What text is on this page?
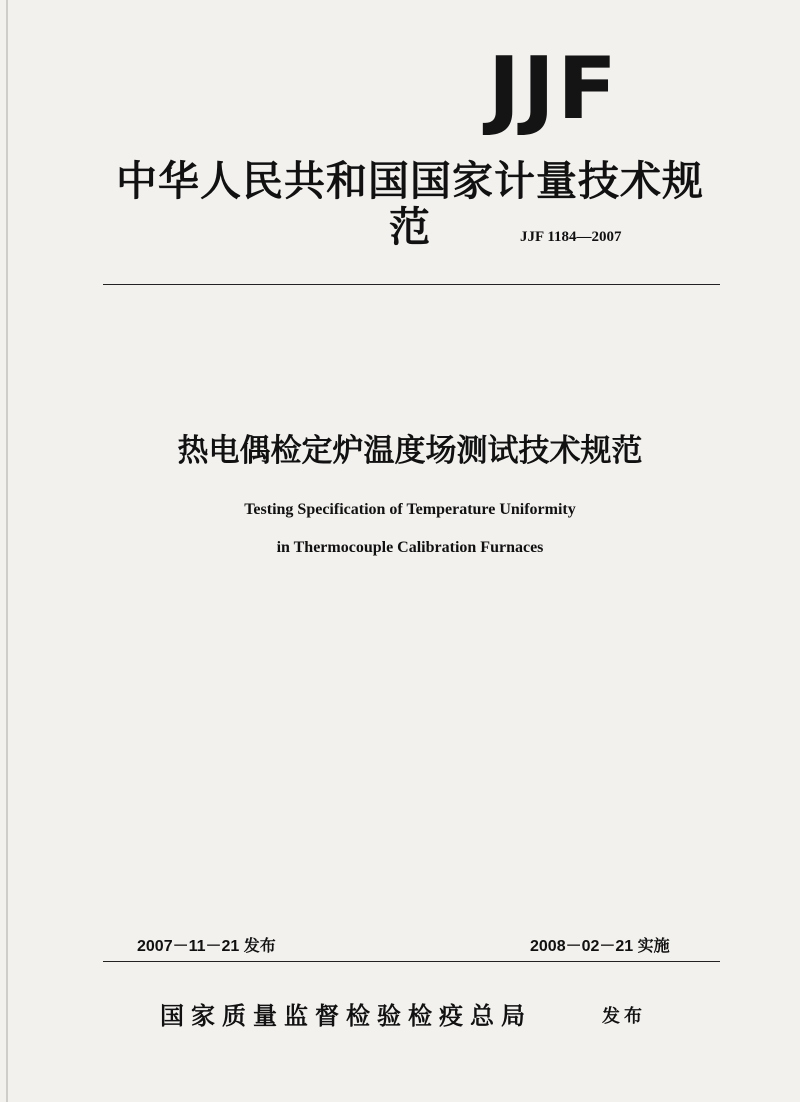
JJF
中华人民共和国国家计量技术规范	JJF 1184—2007
热电偶检定炉温度场测试技术规范
Testing Specification of Temperature Uniformity
in Thermocouple Calibration Furnaces
2007－11－21 发布	2008－02－21 实施
国家质量监督检验检疫总局	发布
